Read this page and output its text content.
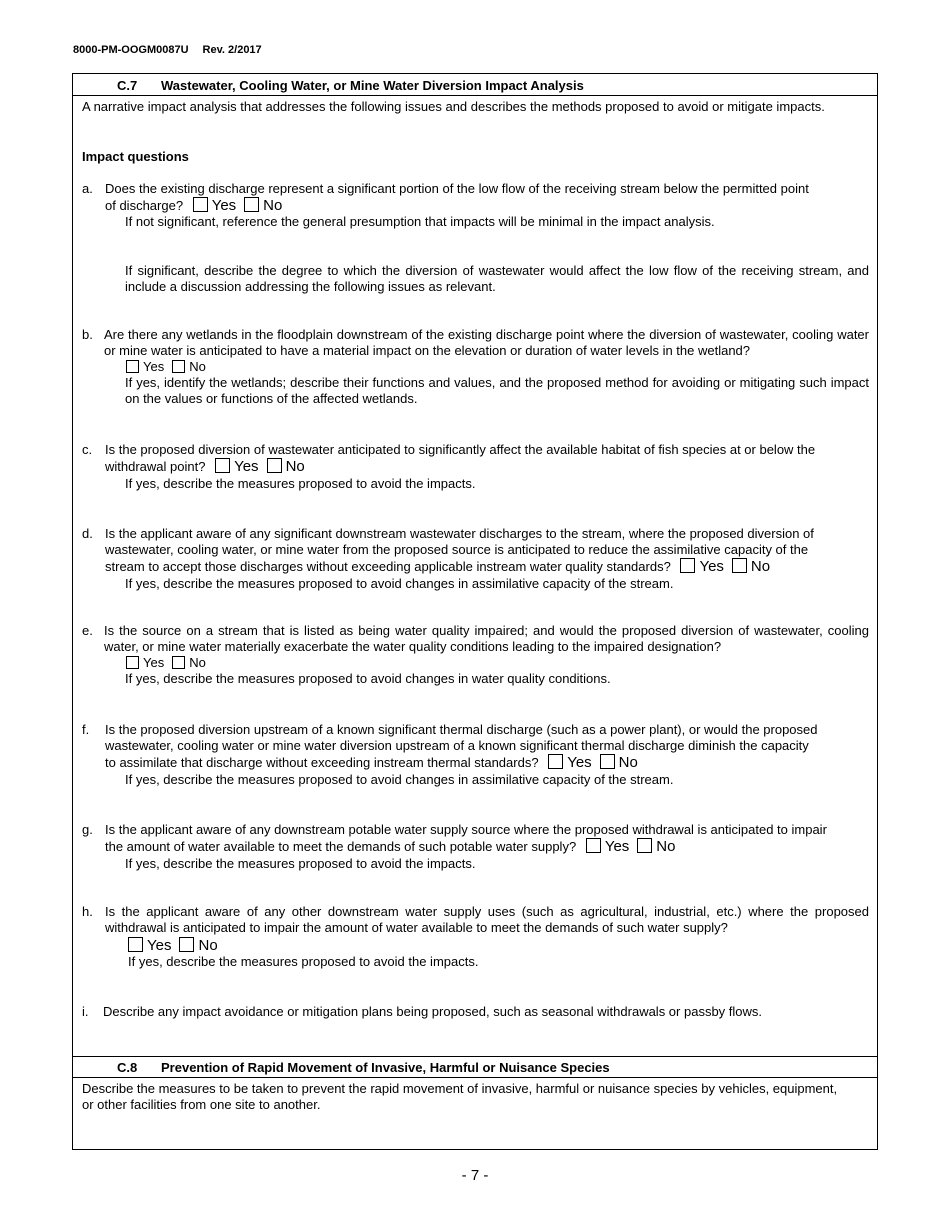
8000-PM-OOGM0087U Rev. 2/2017
C.7 Wastewater, Cooling Water, or Mine Water Diversion Impact Analysis
A narrative impact analysis that addresses the following issues and describes the methods proposed to avoid or mitigate impacts.
Impact questions
a. Does the existing discharge represent a significant portion of the low flow of the receiving stream below the permitted point
of discharge? Yes No
If not significant, reference the general presumption that impacts will be minimal in the impact analysis.
If significant, describe the degree to which the diversion of wastewater would affect the low flow of the receiving stream, and include a discussion addressing the following issues as relevant.
b. Are there any wetlands in the floodplain downstream of the existing discharge point where the diversion of wastewater, cooling water or mine water is anticipated to have a material impact on the elevation or duration of water levels in the wetland?
Yes No
If yes, identify the wetlands; describe their functions and values, and the proposed method for avoiding or mitigating such impact on the values or functions of the affected wetlands.
c. Is the proposed diversion of wastewater anticipated to significantly affect the available habitat of fish species at or below the
withdrawal point? Yes No
If yes, describe the measures proposed to avoid the impacts.
d. Is the applicant aware of any significant downstream wastewater discharges to the stream, where the proposed diversion of
wastewater, cooling water, or mine water from the proposed source is anticipated to reduce the assimilative capacity of the
stream to accept those discharges without exceeding applicable instream water quality standards? Yes No
If yes, describe the measures proposed to avoid changes in assimilative capacity of the stream.
e. Is the source on a stream that is listed as being water quality impaired; and would the proposed diversion of wastewater, cooling water, or mine water materially exacerbate the water quality conditions leading to the impaired designation?
Yes No
If yes, describe the measures proposed to avoid changes in water quality conditions.
f. Is the proposed diversion upstream of a known significant thermal discharge (such as a power plant), or would the proposed
wastewater, cooling water or mine water diversion upstream of a known significant thermal discharge diminish the capacity
to assimilate that discharge without exceeding instream thermal standards? Yes No
If yes, describe the measures proposed to avoid changes in assimilative capacity of the stream.
g. Is the applicant aware of any downstream potable water supply source where the proposed withdrawal is anticipated to impair
the amount of water available to meet the demands of such potable water supply? Yes No
If yes, describe the measures proposed to avoid the impacts.
h. Is the applicant aware of any other downstream water supply uses (such as agricultural, industrial, etc.) where the proposed withdrawal is anticipated to impair the amount of water available to meet the demands of such water supply?
Yes No
If yes, describe the measures proposed to avoid the impacts.
i. Describe any impact avoidance or mitigation plans being proposed, such as seasonal withdrawals or passby flows.
C.8 Prevention of Rapid Movement of Invasive, Harmful or Nuisance Species
Describe the measures to be taken to prevent the rapid movement of invasive, harmful or nuisance species by vehicles, equipment, or other facilities from one site to another.
- 7 -
